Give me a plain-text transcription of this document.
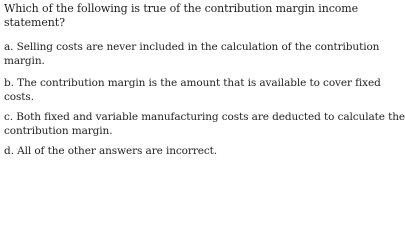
Which of the following is true of the contribution margin income

statement?

a. Selling costs are never included in the calculation of the contribution

margin.

b. The contribution margin is the amount that is available to cover fixed

costs.

c. Both fixed and variable manufacturing costs are deducted to calculate the

contribution margin.

d. All of the other answers are incorrect.
